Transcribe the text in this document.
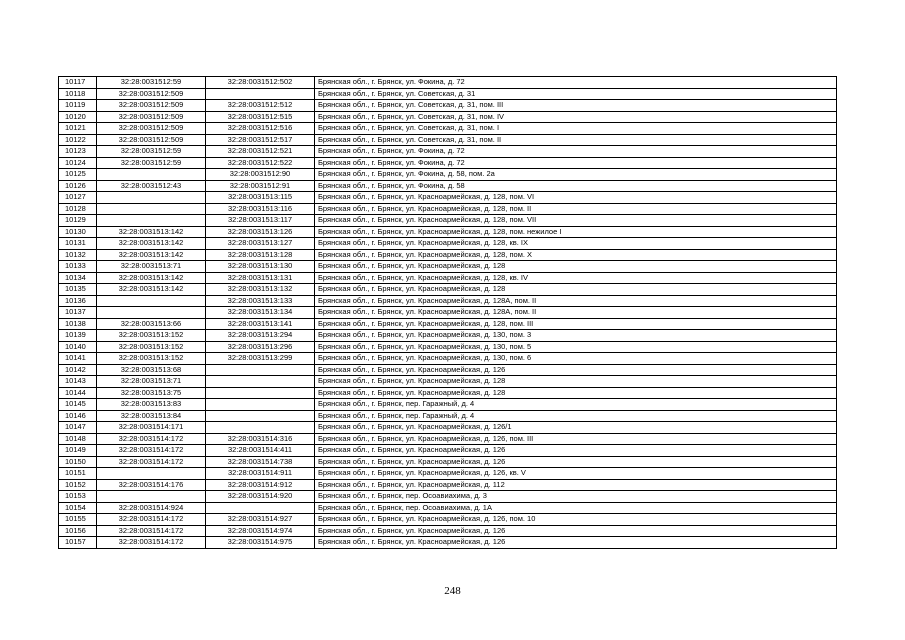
10117	32:28:0031512:59	32:28:0031512:502	Брянская обл., г. Брянск, ул. Фокина, д. 72
10118	32:28:0031512:509		Брянская обл., г. Брянск, ул. Советская, д. 31
10119	32:28:0031512:509	32:28:0031512:512	Брянская обл., г. Брянск, ул. Советская, д. 31, пом. III
10120	32:28:0031512:509	32:28:0031512:515	Брянская обл., г. Брянск, ул. Советская, д. 31, пом. IV
10121	32:28:0031512:509	32:28:0031512:516	Брянская обл., г. Брянск, ул. Советская, д. 31, пом. I
10122	32:28:0031512:509	32:28:0031512:517	Брянская обл., г. Брянск, ул. Советская, д. 31, пом. II
10123	32:28:0031512:59	32:28:0031512:521	Брянская обл., г. Брянск, ул. Фокина, д. 72
10124	32:28:0031512:59	32:28:0031512:522	Брянская обл., г. Брянск, ул. Фокина, д. 72
10125		32:28:0031512:90	Брянская обл., г. Брянск, ул. Фокина, д. 58, пом. 2а
10126	32:28:0031512:43	32:28:0031512:91	Брянская обл., г. Брянск, ул. Фокина, д. 58
10127		32:28:0031513:115	Брянская обл., г. Брянск, ул. Красноармейская, д. 128, пом. VI
10128		32:28:0031513:116	Брянская обл., г. Брянск, ул. Красноармейская, д. 128, пом. II
10129		32:28:0031513:117	Брянская обл., г. Брянск, ул. Красноармейская, д. 128, пом. VII
10130	32:28:0031513:142	32:28:0031513:126	Брянская обл., г. Брянск, ул. Красноармейская, д. 128, пом. нежилое I
10131	32:28:0031513:142	32:28:0031513:127	Брянская обл., г. Брянск, ул. Красноармейская, д. 128, кв. IX
10132	32:28:0031513:142	32:28:0031513:128	Брянская обл., г. Брянск, ул. Красноармейская, д. 128, пом. X
10133	32:28:0031513:71	32:28:0031513:130	Брянская обл., г. Брянск, ул. Красноармейская, д. 128
10134	32:28:0031513:142	32:28:0031513:131	Брянская обл., г. Брянск, ул. Красноармейская, д. 128, кв. IV
10135	32:28:0031513:142	32:28:0031513:132	Брянская обл., г. Брянск, ул. Красноармейская, д. 128
10136		32:28:0031513:133	Брянская обл., г. Брянск, ул. Красноармейская, д. 128А, пом. II
10137		32:28:0031513:134	Брянская обл., г. Брянск, ул. Красноармейская, д. 128А, пом. II
10138	32:28:0031513:66	32:28:0031513:141	Брянская обл., г. Брянск, ул. Красноармейская, д. 128, пом. III
10139	32:28:0031513:152	32:28:0031513:294	Брянская обл., г. Брянск, ул. Красноармейская, д. 130, пом. 3
10140	32:28:0031513:152	32:28:0031513:296	Брянская обл., г. Брянск, ул. Красноармейская, д. 130, пом. 5
10141	32:28:0031513:152	32:28:0031513:299	Брянская обл., г. Брянск, ул. Красноармейская, д. 130, пом. 6
10142	32:28:0031513:68		Брянская обл., г. Брянск, ул. Красноармейская, д. 126
10143	32:28:0031513:71		Брянская обл., г. Брянск, ул. Красноармейская, д. 128
10144	32:28:0031513:75		Брянская обл., г. Брянск, ул. Красноармейская, д. 128
10145	32:28:0031513:83		Брянская обл., г. Брянск, пер. Гаражный, д. 4
10146	32:28:0031513:84		Брянская обл., г. Брянск, пер. Гаражный, д. 4
10147	32:28:0031514:171		Брянская обл., г. Брянск, ул. Красноармейская, д. 126/1
10148	32:28:0031514:172	32:28:0031514:316	Брянская обл., г. Брянск, ул. Красноармейская, д. 126, пом. III
10149	32:28:0031514:172	32:28:0031514:411	Брянская обл., г. Брянск, ул. Красноармейская, д. 126
10150	32:28:0031514:172	32:28:0031514:738	Брянская обл., г. Брянск, ул. Красноармейская, д. 126
10151		32:28:0031514:911	Брянская обл., г. Брянск, ул. Красноармейская, д. 126, кв. V
10152	32:28:0031514:176	32:28:0031514:912	Брянская обл., г. Брянск, ул. Красноармейская, д. 112
10153		32:28:0031514:920	Брянская обл., г. Брянск, пер. Осоавиахима, д. 3
10154	32:28:0031514:924		Брянская обл., г. Брянск, пер. Осоавиахима, д. 1А
10155	32:28:0031514:172	32:28:0031514:927	Брянская обл., г. Брянск, ул. Красноармейская, д. 126, пом. 10
10156	32:28:0031514:172	32:28:0031514:974	Брянская обл., г. Брянск, ул. Красноармейская, д. 126
10157	32:28:0031514:172	32:28:0031514:975	Брянская обл., г. Брянск, ул. Красноармейская, д. 126
248
